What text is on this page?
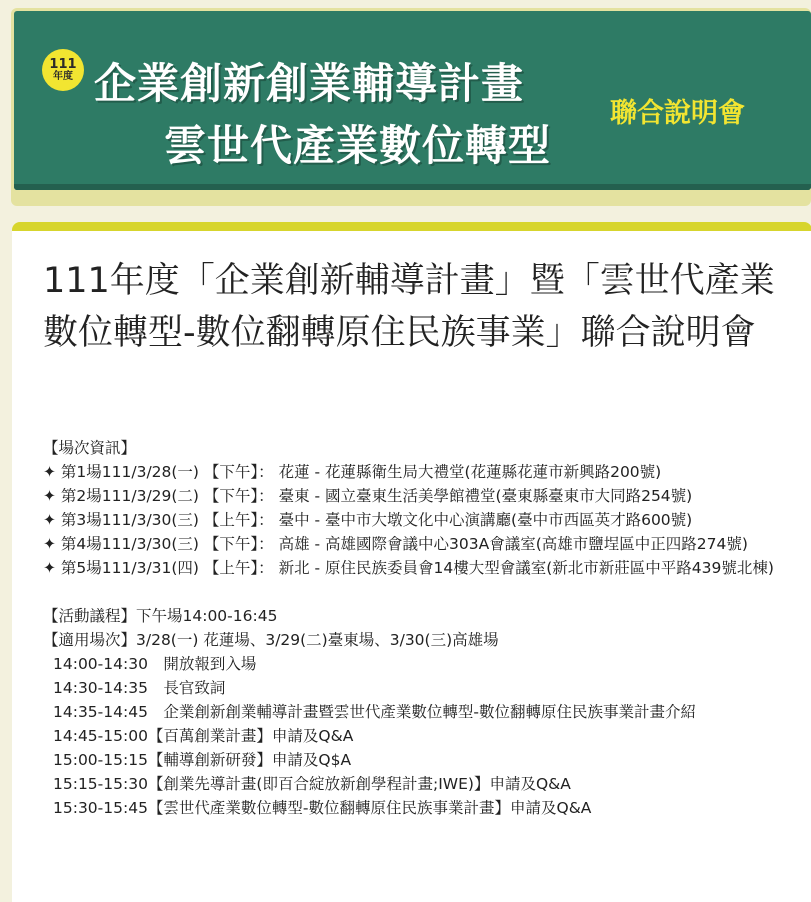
111
年度 企業創新創業輔導計畫
雲世代產業數位轉型
聯合說明會
111年度「企業創新輔導計畫」暨「雲世代產業數位轉型-數位翻轉原住民族事業」聯合說明會
【場次資訊】
✦ 第1場111/3/28(一) 【下午】： 花蓮 - 花蓮縣衛生局大禮堂(花蓮縣花蓮市新興路200號)
✦ 第2場111/3/29(二) 【下午】： 臺東 - 國立臺東生活美學館禮堂(臺東縣臺東市大同路254號)
✦ 第3場111/3/30(三) 【上午】： 臺中 - 臺中市大墩文化中心演講廳(臺中市西區英才路600號)
✦ 第4場111/3/30(三) 【下午】： 高雄 - 高雄國際會議中心303A會議室(高雄市鹽埕區中正四路274號)
✦ 第5場111/3/31(四) 【上午】： 新北 - 原住民族委員會14樓大型會議室(新北市新莊區中平路439號北棟)
【活動議程】下午場14:00-16:45
【適用場次】3/28(一) 花蓮場、3/29(二)臺東場、3/30(三)高雄場
14:00-14:30　開放報到入場
14:30-14:35　長官致詞
14:35-14:45　企業創新創業輔導計畫暨雲世代產業數位轉型-數位翻轉原住民族事業計畫介紹
14:45-15:00【百萬創業計畫】申請及Q&A
15:00-15:15【輔導創新研發】申請及Q$A
15:15-15:30【創業先導計畫(即百合綻放新創學程計畫;IWE)】申請及Q&A
15:30-15:45【雲世代產業數位轉型-數位翻轉原住民族事業計畫】申請及Q&A
